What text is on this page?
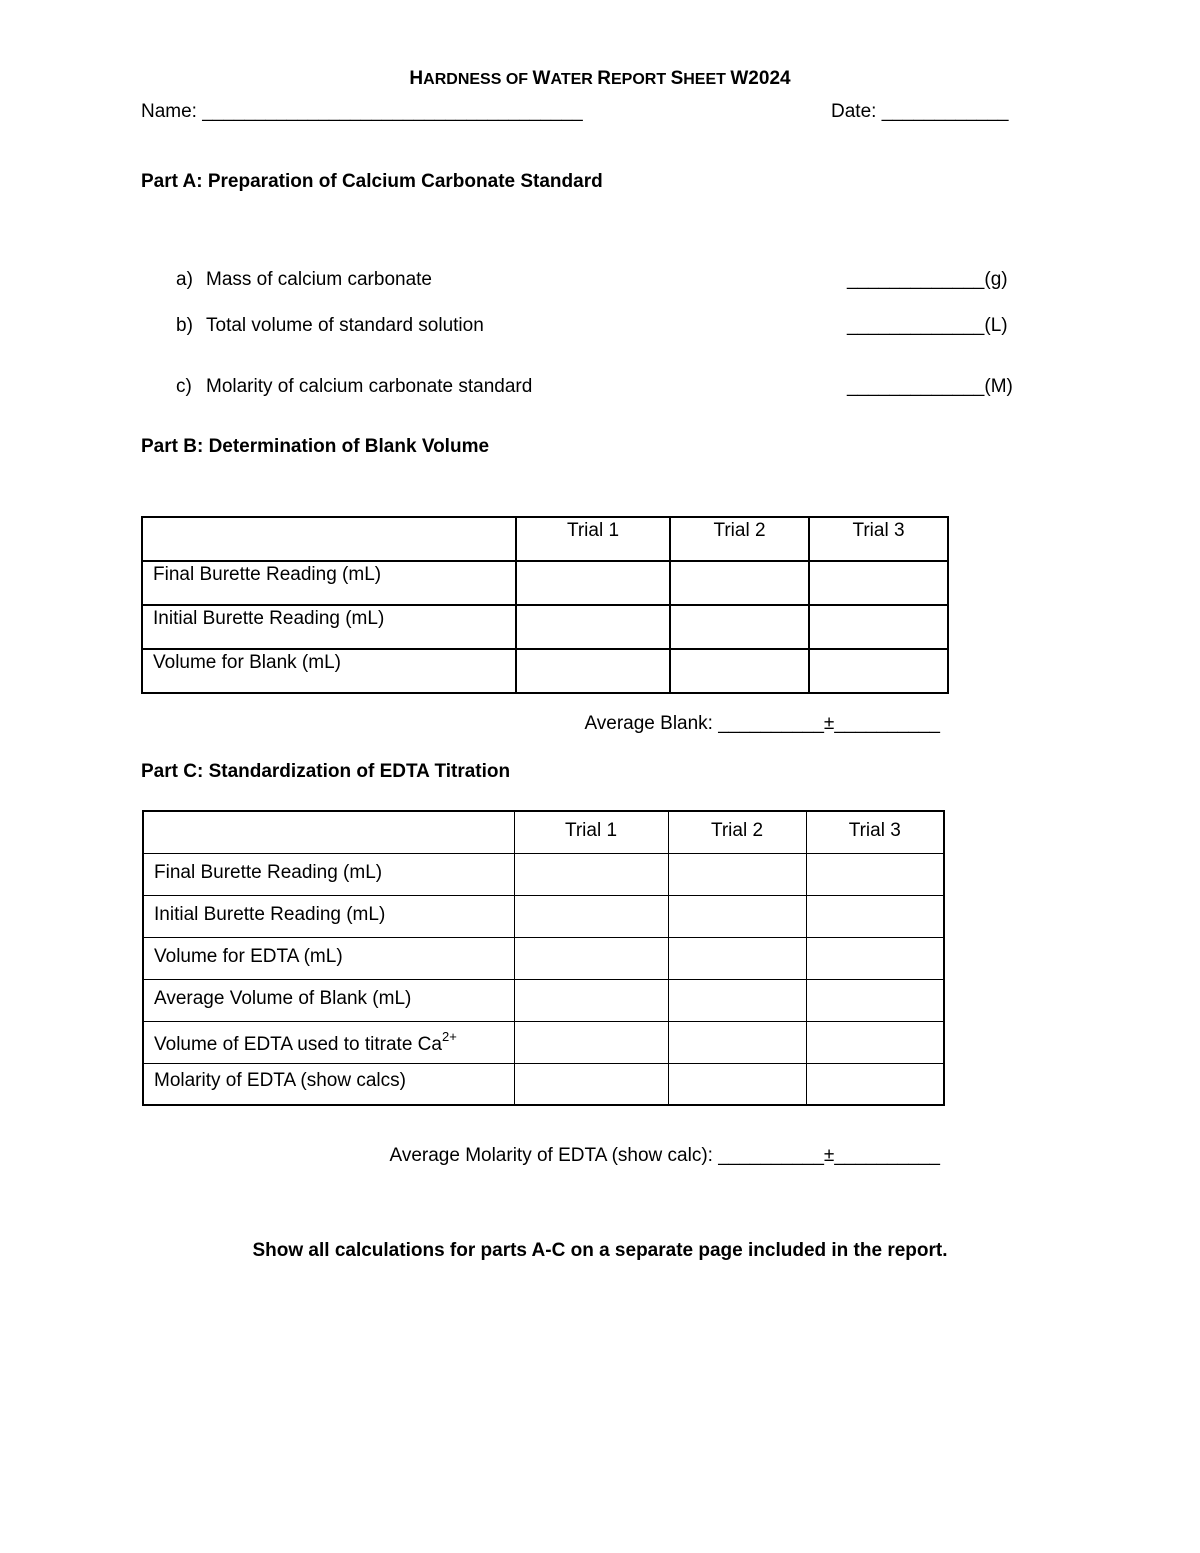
HARDNESS OF WATER REPORT SHEET W2024
Name: ____________________________________	Date: ____________
Part A: Preparation of Calcium Carbonate Standard
a) Mass of calcium carbonate	_____________(g)
b) Total volume of standard solution	_____________(L)
c) Molarity of calcium carbonate standard	_____________(M)
Part B: Determination of Blank Volume
	Trial 1	Trial 2	Trial 3
Final Burette Reading (mL)			
Initial Burette Reading (mL)			
Volume for Blank (mL)			
Average Blank: __________±__________
Part C: Standardization of EDTA Titration
	Trial 1	Trial 2	Trial 3
Final Burette Reading (mL)			
Initial Burette Reading (mL)			
Volume for EDTA (mL)			
Average Volume of Blank (mL)			
Volume of EDTA used to titrate $Ca^{2+}$			
Molarity of EDTA (show calcs)			
Average Molarity of EDTA (show calc): __________±__________
Show all calculations for parts A-C on a separate page included in the report.
